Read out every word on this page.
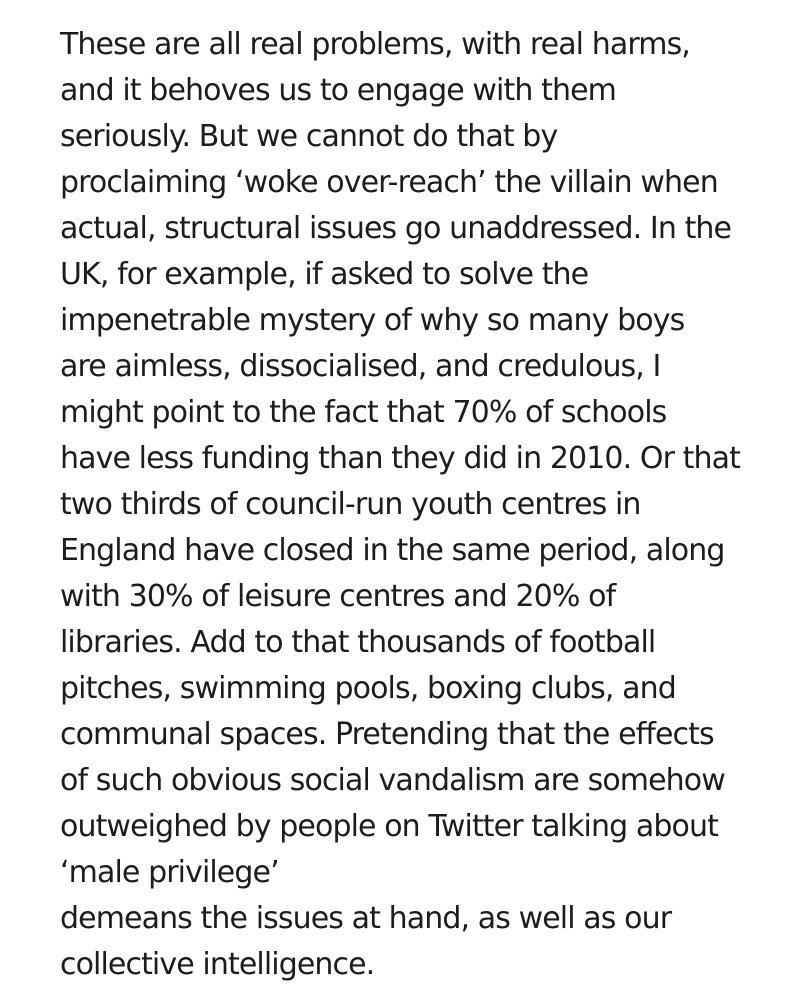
These are all real problems, with real harms,
and it behoves us to engage with them
seriously. But we cannot do that by
proclaiming ‘woke over-reach’ the villain when
actual, structural issues go unaddressed. In the
UK, for example, if asked to solve the
impenetrable mystery of why so many boys
are aimless, dissocialised, and credulous, I
might point to the fact that 70% of schools
have less funding than they did in 2010. Or that
two thirds of council-run youth centres in
England have closed in the same period, along
with 30% of leisure centres and 20% of
libraries. Add to that thousands of football
pitches, swimming pools, boxing clubs, and
communal spaces. Pretending that the effects
of such obvious social vandalism are somehow
outweighed by people on Twitter talking about
‘male privilege’
demeans the issues at hand, as well as our
collective intelligence.
